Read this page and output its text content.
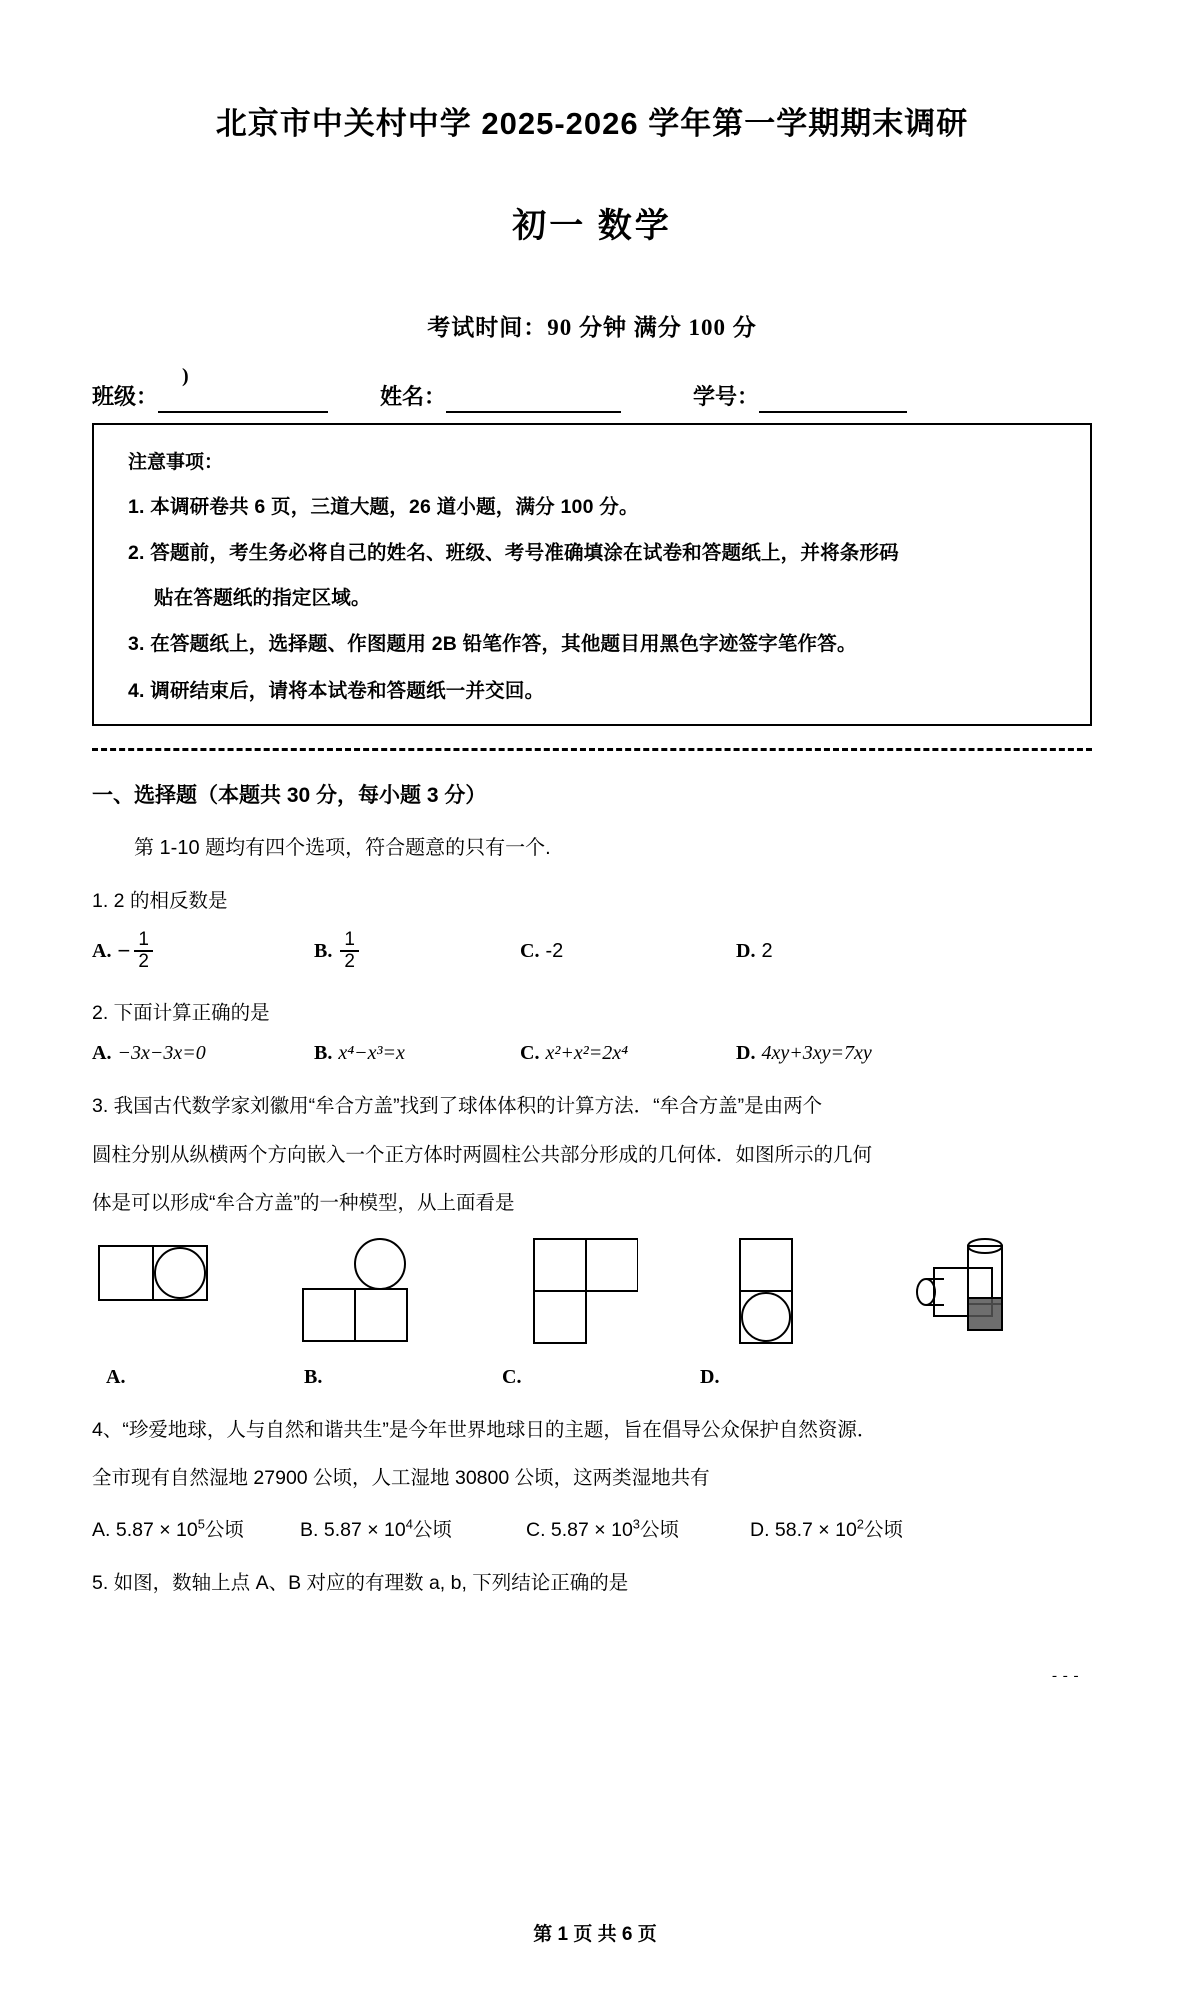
北京市中关村中学 2025-2026 学年第一学期期末调研
初一 数学
考试时间：90 分钟 满分 100 分
班级：
)
姓名：	学号：
注意事项：
1. 本调研卷共 6 页，三道大题，26 道小题，满分 100 分。
2. 答题前，考生务必将自己的姓名、班级、考号准确填涂在试卷和答题纸上，并将条形码
贴在答题纸的指定区域。
3. 在答题纸上，选择题、作图题用 2B 铅笔作答，其他题目用黑色字迹签字笔作答。
4. 调研结束后，请将本试卷和答题纸一并交回。
一、选择题（本题共 30 分，每小题 3 分）
第 1-10 题均有四个选项，符合题意的只有一个.
1. 2 的相反数是
A. − $\frac{1}{2}$	B. $\frac{1}{2}$	C. -2	D. 2
2. 下面计算正确的是
A. −3x−3x=0	B. x⁴−x³=x	C. x²+x²=2x⁴	D. 4xy+3xy=7xy
3. 我国古代数学家刘徽用“牟合方盖”找到了球体体积的计算方法．“牟合方盖”是由两个
圆柱分别从纵横两个方向嵌入一个正方体时两圆柱公共部分形成的几何体．如图所示的几何
体是可以形成“牟合方盖”的一种模型，从上面看是
A.	B.	C.	D.
4、“珍爱地球，人与自然和谐共生”是今年世界地球日的主题，旨在倡导公众保护自然资源．
全市现有自然湿地 27900 公顷，人工湿地 30800 公顷，这两类湿地共有
A. $5.87 \times 10^5$公顷	B. $5.87 \times 10^4$公顷	C. $5.87 \times 10^3$公顷	D. $58.7 \times 10^2$公顷
5. 如图，数轴上点 A、B 对应的有理数 a, b, 下列结论正确的是
- - -
第 1 页 共 6 页
